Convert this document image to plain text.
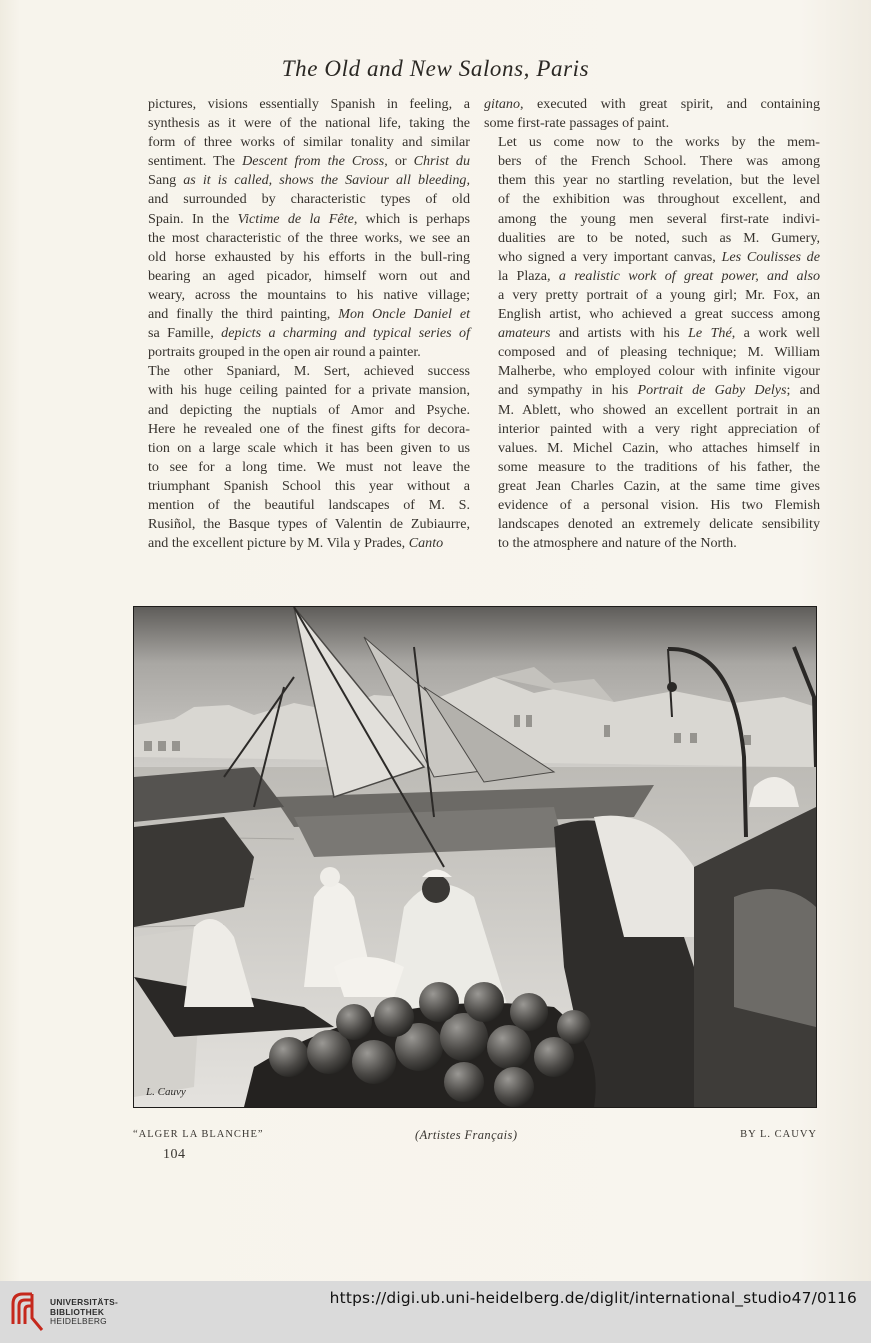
The Old and New Salons, Paris

pictures, visions essentially Spanish in feeling, a
synthesis as it were of the national life, taking the
form of three works of similar tonality and similar
sentiment. The Descent from the Cross, or Christ du
Sang as it is called, shows the Saviour all bleeding,
and surrounded by characteristic types of old
Spain. In the Victime de la Fête, which is perhaps
the most characteristic of the three works, we see an
old horse exhausted by his efforts in the bull-ring
bearing an aged picador, himself worn out and
weary, across the mountains to his native village;
and finally the third painting, Mon Oncle Daniel et
sa Famille, depicts a charming and typical series of
portraits grouped in the open air round a painter.

The other Spaniard, M. Sert, achieved success
with his huge ceiling painted for a private mansion,
and depicting the nuptials of Amor and Psyche.
Here he revealed one of the finest gifts for decora-
tion on a large scale which it has been given to us
to see for a long time. We must not leave the
triumphant Spanish School this year without a
mention of the beautiful landscapes of M. S.
Rusiñol, the Basque types of Valentin de Zubiaurre,
and the excellent picture by M. Vila y Prades, Canto

gitano, executed with great spirit, and containing
some first-rate passages of paint.

Let us come now to the works by the mem-
bers of the French School. There was among
them this year no startling revelation, but the level
of the exhibition was throughout excellent, and
among the young men several first-rate indivi-
dualities are to be noted, such as M. Gumery,
who signed a very important canvas, Les Coulisses de
la Plaza, a realistic work of great power, and also
a very pretty portrait of a young girl; Mr. Fox, an
English artist, who achieved a great success among
amateurs and artists with his Le Thé, a work well
composed and of pleasing technique; M. William
Malherbe, who employed colour with infinite vigour
and sympathy in his Portrait de Gaby Delys; and
M. Ablett, who showed an excellent portrait in an
interior painted with a very right appreciation of
values. M. Michel Cazin, who attaches himself in
some measure to the traditions of his father, the
great Jean Charles Cazin, at the same time gives
evidence of a personal vision. His two Flemish
landscapes denoted an extremely delicate sensibility
to the atmosphere and nature of the North.

L. Cauvy
“ALGER LA BLANCHE”	(Artistes Français)	BY L. CAUVY
104
UNIVERSITÄTS-
BIBLIOTHEK
HEIDELBERG
https://digi.ub.uni-heidelberg.de/diglit/international_studio47/0116
